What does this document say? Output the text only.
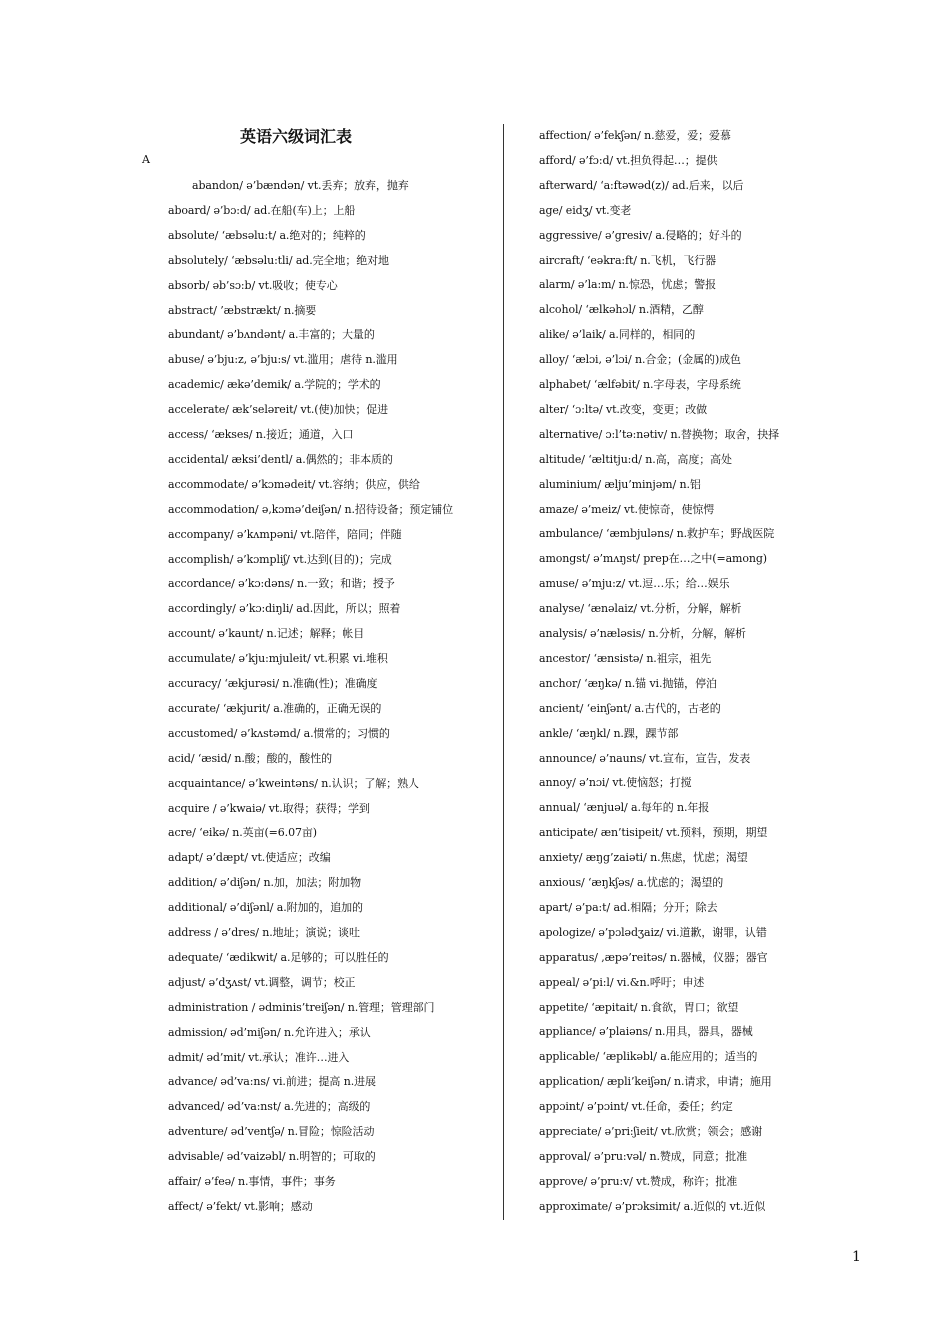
英语六级词汇表
A
abandon/ ə’bændən/ vt.丢弃；放弃，抛弃
aboard/ ə’bɔ:d/ ad.在船(车)上；上船
absolute/ ‘æbsəlu:t/ a.绝对的；纯粹的
absolutely/ ‘æbsəlu:tli/ ad.完全地；绝对地
absorb/ əb’sɔ:b/ vt.吸收；使专心
abstract/ ’æbstrækt/ n.摘要
abundant/ ə’bʌndənt/ a.丰富的；大量的
abuse/ ə’bju:z, ə’bju:s/ vt.滥用；虐待 n.滥用
academic/ ækə’demik/ a.学院的；学术的
accelerate/ æk’seləreit/ vt.(使)加快；促进
access/ ‘ækses/ n.接近；通道，入口
accidental/ æksi’dentl/ a.偶然的；非本质的
accommodate/ ə’kɔmədeit/ vt.容纳；供应，供给
accommodation/ ə,kɔmə’deiʃən/ n.招待设备；预定铺位
accompany/ ə’kʌmpəni/ vt.陪伴，陪同；伴随
accomplish/ ə’kɔmpliʃ/ vt.达到(目的)；完成
accordance/ ə’kɔ:dəns/ n.一致；和谐；授予
accordingly/ ə’kɔ:diŋli/ ad.因此，所以；照着
account/ ə’kaunt/ n.记述；解释；帐目
accumulate/ ə’kju:mjuleit/ vt.积累 vi.堆积
accuracy/ ‘ækjurəsi/ n.准确(性)；准确度
accurate/ ‘ækjurit/ a.准确的，正确无误的
accustomed/ ə’kʌstəmd/ a.惯常的；习惯的
acid/ ‘æsid/ n.酸；酸的，酸性的
acquaintance/ ə’kweintəns/ n.认识；了解；熟人
acquire / ə’kwaiə/ vt.取得；获得；学到
acre/ ‘eikə/ n.英亩(=6.07亩)
adapt/ ə’dæpt/ vt.使适应；改编
addition/ ə’diʃən/ n.加，加法；附加物
additional/ ə’diʃənl/ a.附加的，追加的
address / ə’dres/ n.地址；演说；谈吐
adequate/ ‘ædikwit/ a.足够的；可以胜任的
adjust/ ə’dʒʌst/ vt.调整，调节；校正
administration / ədminis’treiʃən/ n.管理；管理部门
admission/ əd’miʃən/ n.允许进入；承认
admit/ əd’mit/ vt.承认；准许…进入
advance/ əd’va:ns/ vi.前进；提高 n.进展
advanced/ əd’va:nst/ a.先进的；高级的
adventure/ əd’ventʃə/ n.冒险；惊险活动
advisable/ əd’vaizəbl/ n.明智的；可取的
affair/ ə’feə/ n.事情，事件；事务
affect/ ə’fekt/ vt.影响；感动
affection/ ə’fekʃən/ n.慈爱，爱；爱慕
afford/ ə’fɔ:d/ vt.担负得起…；提供
afterward/ ‘a:ftəwəd(z)/ ad.后来，以后
age/ eidʒ/ vt.变老
aggressive/ ə’gresiv/ a.侵略的；好斗的
aircraft/ ‘eəkra:ft/ n.飞机，飞行器
alarm/ ə’la:m/ n.惊恐，忧虑；警报
alcohol/ ‘ælkəhɔl/ n.酒精，乙醇
alike/ ə’laik/ a.同样的，相同的
alloy/ ‘ælɔi, ə’lɔi/ n.合金；(金属的)成色
alphabet/ ‘ælfəbit/ n.字母表，字母系统
alter/ ‘ɔ:ltə/ vt.改变，变更；改做
alternative/ ɔ:l’tə:nətiv/ n.替换物；取舍，抉择
altitude/ ‘æltitju:d/ n.高，高度；高处
aluminium/ ælju’minjəm/ n.铝
amaze/ ə’meiz/ vt.使惊奇，使惊愕
ambulance/ ‘æmbjuləns/ n.救护车；野战医院
amongst/ ə’mʌŋst/ prep在…之中(=among)
amuse/ ə’mju:z/ vt.逗…乐；给…娱乐
analyse/ ‘ænəlaiz/ vt.分析，分解，解析
analysis/ ə’næləsis/ n.分析，分解，解析
ancestor/ ‘ænsistə/ n.祖宗，祖先
anchor/ ‘æŋkə/ n.锚 vi.抛锚，停泊
ancient/ ‘einʃənt/ a.古代的，古老的
ankle/ ‘æŋkl/ n.踝，踝节部
announce/ ə’nauns/ vt.宣布，宣告，发表
annoy/ ə’nɔi/ vt.使恼怒；打搅
annual/ ‘ænjuəl/ a.每年的 n.年报
anticipate/ æn’tisipeit/ vt.预料，预期，期望
anxiety/ æŋg’zaiəti/ n.焦虑，忧虑；渴望
anxious/ ‘æŋkʃəs/ a.忧虑的；渴望的
apart/ ə’pa:t/ ad.相隔；分开；除去
apologize/ ə’pɔlədʒaiz/ vi.道歉，谢罪，认错
apparatus/ ,æpə’reitəs/ n.器械，仪器；器官
appeal/ ə’pi:l/ vi.&n.呼吁；申述
appetite/ ‘æpitait/ n.食欲，胃口；欲望
appliance/ ə’plaiəns/ n.用具，器具，器械
applicable/ ‘æplikəbl/ a.能应用的；适当的
application/ æpli’keiʃən/ n.请求，申请；施用
appɔint/ ə’pɔint/ vt.任命，委任；约定
appreciate/ ə’pri:ʃieit/ vt.欣赏；领会；感谢
approval/ ə’pru:vəl/ n.赞成，同意；批准
approve/ ə’pru:v/ vt.赞成，称许；批准
approximate/ ə’prɔksimit/ a.近似的 vt.近似
1
